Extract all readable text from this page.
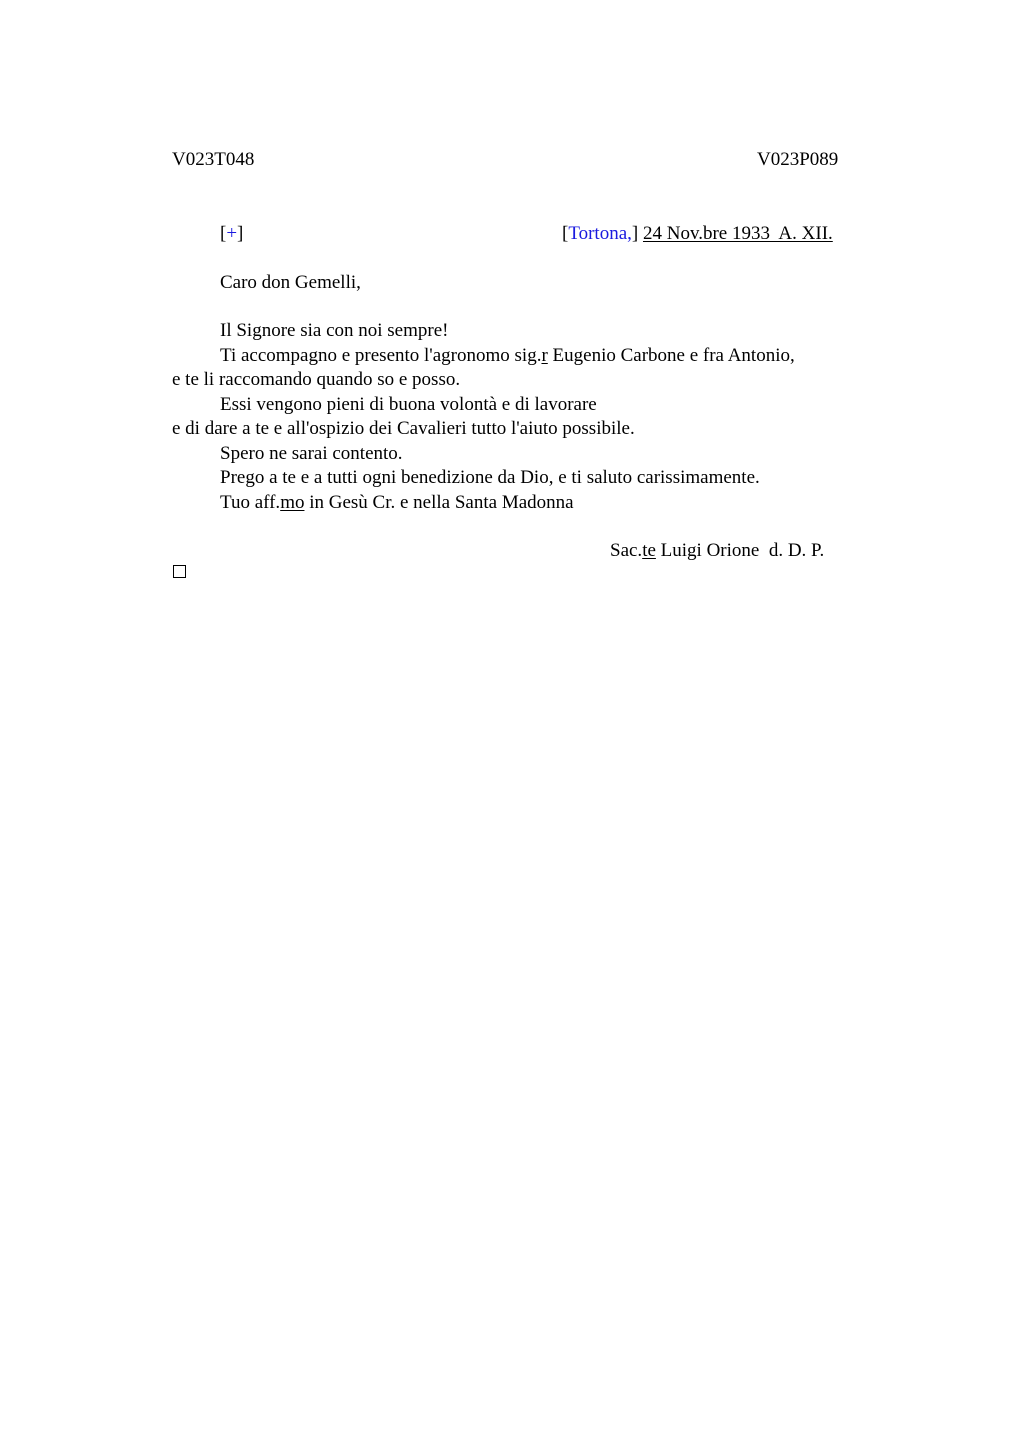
V023T048	V023P089
[+]	[Tortona,] 24 Nov.bre 1933  A. XII.
Caro don Gemelli,
Il Signore sia con noi sempre!
Ti accompagno e presento l'agronomo sig.r Eugenio Carbone e fra Antonio,
e te li raccomando quando so e posso.
Essi vengono pieni di buona volontà e di lavorare
e di dare a te e all'ospizio dei Cavalieri tutto l'aiuto possibile.
Spero ne sarai contento.
Prego a te e a tutti ogni benedizione da Dio, e ti saluto carissimamente.
Tuo aff.mo in Gesù Cr. e nella Santa Madonna
Sac.te Luigi Orione  d. D. P.
